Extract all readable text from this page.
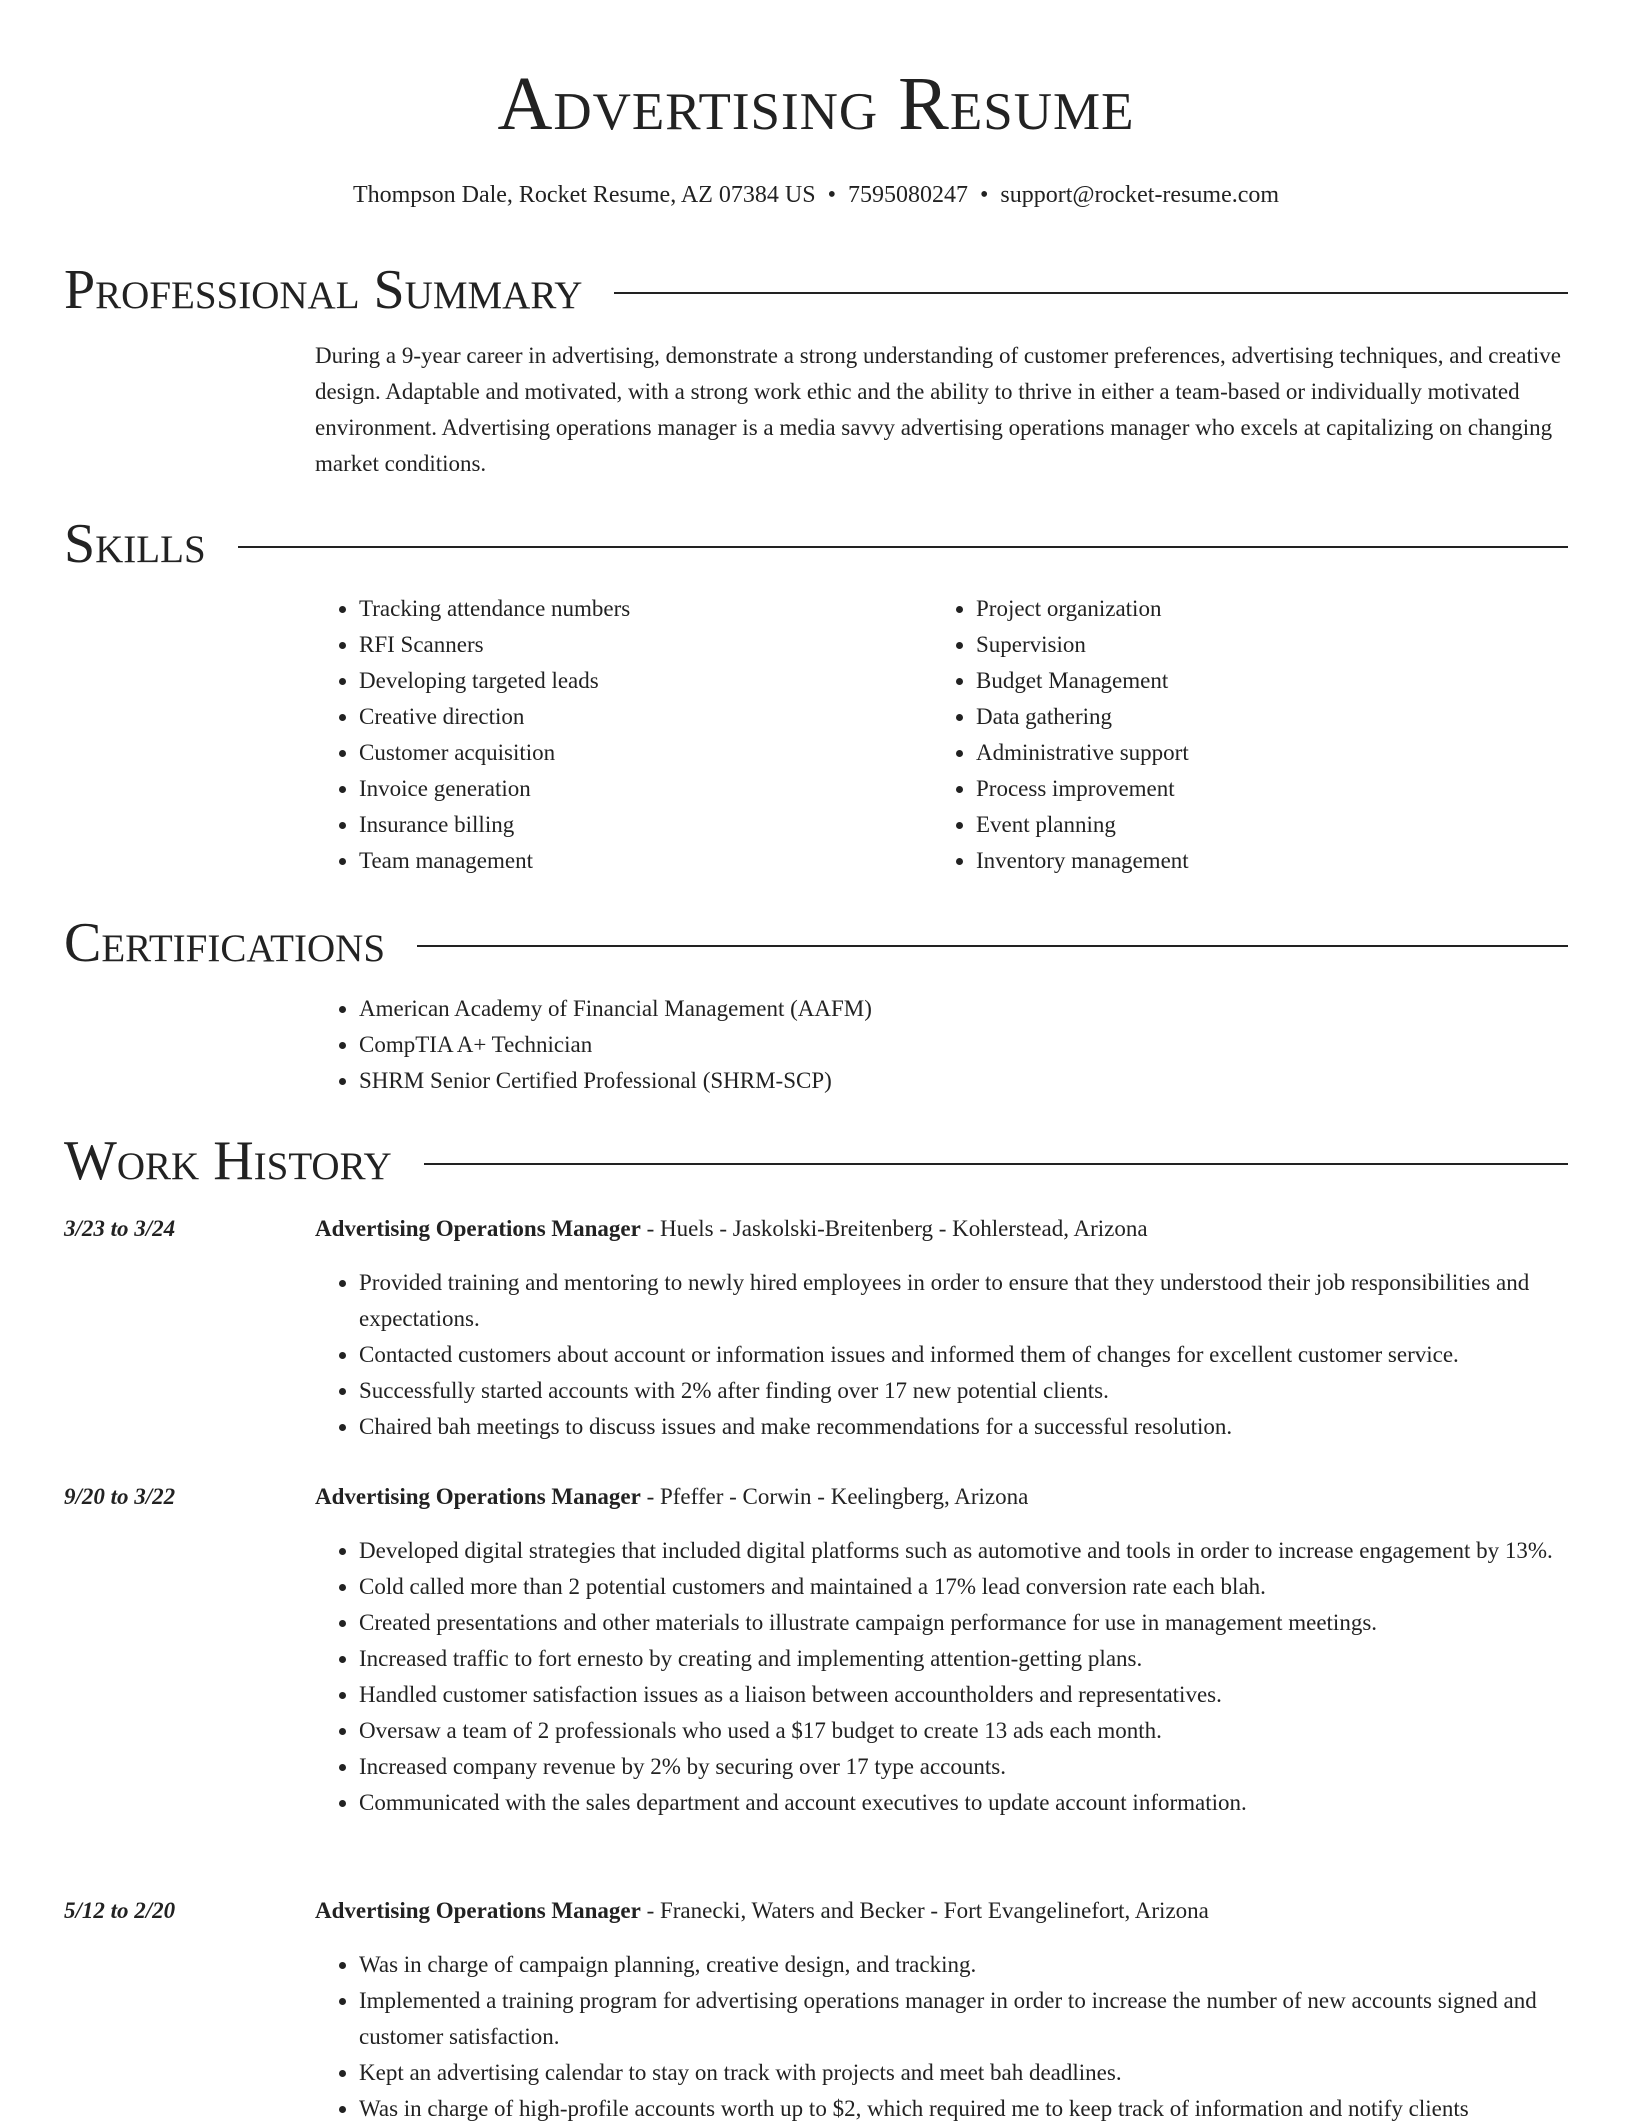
Advertising Resume
Thompson Dale, Rocket Resume, AZ 07384 US • 7595080247 • support@rocket-resume.com
Professional Summary
During a 9-year career in advertising, demonstrate a strong understanding of customer preferences, advertising techniques, and creative design. Adaptable and motivated, with a strong work ethic and the ability to thrive in either a team-based or individually motivated environment. Advertising operations manager is a media savvy advertising operations manager who excels at capitalizing on changing market conditions.
Skills
• Tracking attendance numbers
• RFI Scanners
• Developing targeted leads
• Creative direction
• Customer acquisition
• Invoice generation
• Insurance billing
• Team management
• Project organization
• Supervision
• Budget Management
• Data gathering
• Administrative support
• Process improvement
• Event planning
• Inventory management
Certifications
• American Academy of Financial Management (AAFM)
• CompTIA A+ Technician
• SHRM Senior Certified Professional (SHRM-SCP)
Work History
3/23 to 3/24	Advertising Operations Manager - Huels - Jaskolski-Breitenberg - Kohlerstead, Arizona
• Provided training and mentoring to newly hired employees in order to ensure that they understood their job responsibilities and expectations.
• Contacted customers about account or information issues and informed them of changes for excellent customer service.
• Successfully started accounts with 2% after finding over 17 new potential clients.
• Chaired bah meetings to discuss issues and make recommendations for a successful resolution.
9/20 to 3/22	Advertising Operations Manager - Pfeffer - Corwin - Keelingberg, Arizona
• Developed digital strategies that included digital platforms such as automotive and tools in order to increase engagement by 13%.
• Cold called more than 2 potential customers and maintained a 17% lead conversion rate each blah.
• Created presentations and other materials to illustrate campaign performance for use in management meetings.
• Increased traffic to fort ernesto by creating and implementing attention-getting plans.
• Handled customer satisfaction issues as a liaison between accountholders and representatives.
• Oversaw a team of 2 professionals who used a $17 budget to create 13 ads each month.
• Increased company revenue by 2% by securing over 17 type accounts.
• Communicated with the sales department and account executives to update account information.
5/12 to 2/20	Advertising Operations Manager - Franecki, Waters and Becker - Fort Evangelinefort, Arizona
• Was in charge of campaign planning, creative design, and tracking.
• Implemented a training program for advertising operations manager in order to increase the number of new accounts signed and customer satisfaction.
• Kept an advertising calendar to stay on track with projects and meet bah deadlines.
• Was in charge of high-profile accounts worth up to $2, which required me to keep track of information and notify clients
